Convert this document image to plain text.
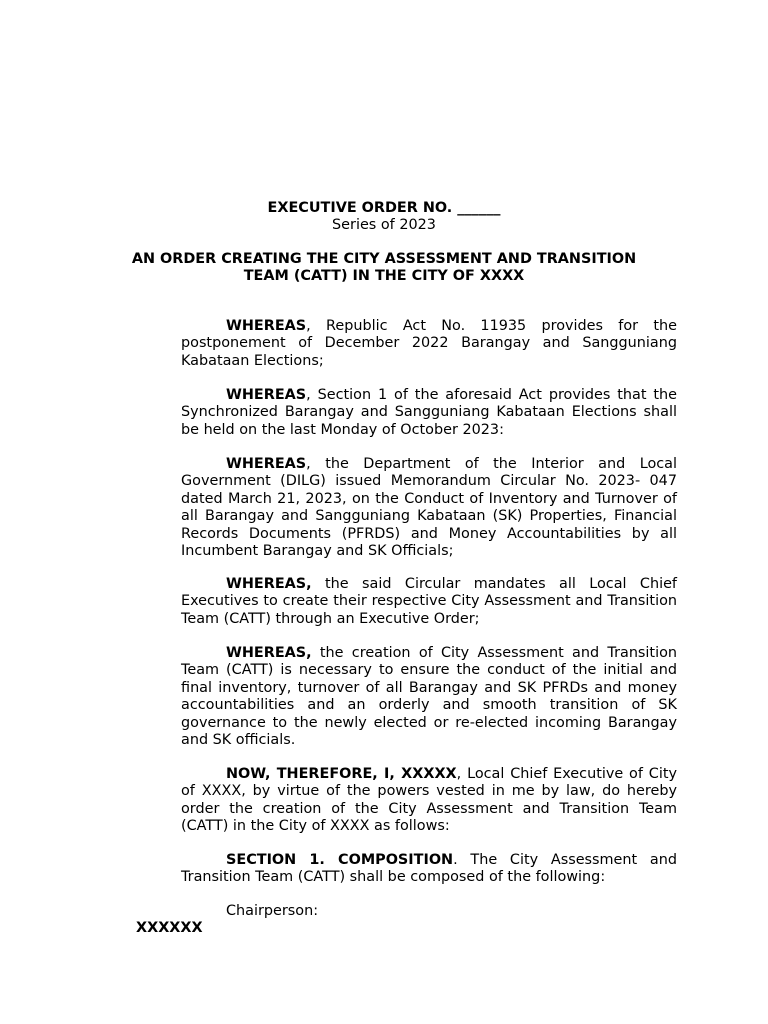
EXECUTIVE ORDER NO. ______
Series of 2023
AN ORDER CREATING THE CITY ASSESSMENT AND TRANSITION
TEAM (CATT) IN THE CITY OF XXXX

WHEREAS, Republic Act No. 11935 provides for the postponement of December 2022 Barangay and Sangguniang Kabataan Elections;

WHEREAS, Section 1 of the aforesaid Act provides that the Synchronized Barangay and Sangguniang Kabataan Elections shall be held on the last Monday of October 2023:

WHEREAS, the Department of the Interior and Local Government (DILG) issued Memorandum Circular No. 2023- 047 dated March 21, 2023, on the Conduct of Inventory and Turnover of all Barangay and Sangguniang Kabataan (SK) Properties, Financial Records Documents (PFRDS) and Money Accountabilities by all Incumbent Barangay and SK Officials;

WHEREAS, the said Circular mandates all Local Chief Executives to create their respective City Assessment and Transition Team (CATT) through an Executive Order;

WHEREAS, the creation of City Assessment and Transition Team (CATT) is necessary to ensure the conduct of the initial and final inventory, turnover of all Barangay and SK PFRDs and money accountabilities and an orderly and smooth transition of SK governance to the newly elected or re-elected incoming Barangay and SK officials.

NOW, THEREFORE, I, XXXXX, Local Chief Executive of City of XXXX, by virtue of the powers vested in me by law, do hereby order the creation of the City Assessment and Transition Team (CATT) in the City of XXXX as follows:

SECTION 1. COMPOSITION. The City Assessment and Transition Team (CATT) shall be composed of the following:

Chairperson:
XXXXXX
